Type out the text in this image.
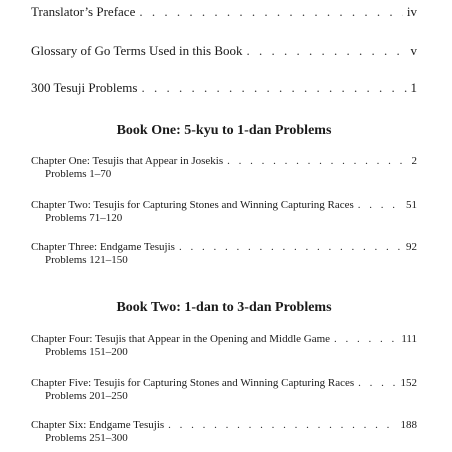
Translator’s Preface . . .	iv
Glossary of Go Terms Used in this Book . . .	v
300 Tesuji Problems . . .	1
Book One: 5-kyu to 1-dan Problems
Chapter One: Tesujis that Appear in Josekis . . .	2
Problems 1–70
Chapter Two: Tesujis for Capturing Stones and Winning Capturing Races . . .	51
Problems 71–120
Chapter Three: Endgame Tesujis . . .	92
Problems 121–150
Book Two: 1-dan to 3-dan Problems
Chapter Four: Tesujis that Appear in the Opening and Middle Game . . .	111
Problems 151–200
Chapter Five: Tesujis for Capturing Stones and Winning Capturing Races . . .	152
Problems 201–250
Chapter Six: Endgame Tesujis . . .	188
Problems 251–300
